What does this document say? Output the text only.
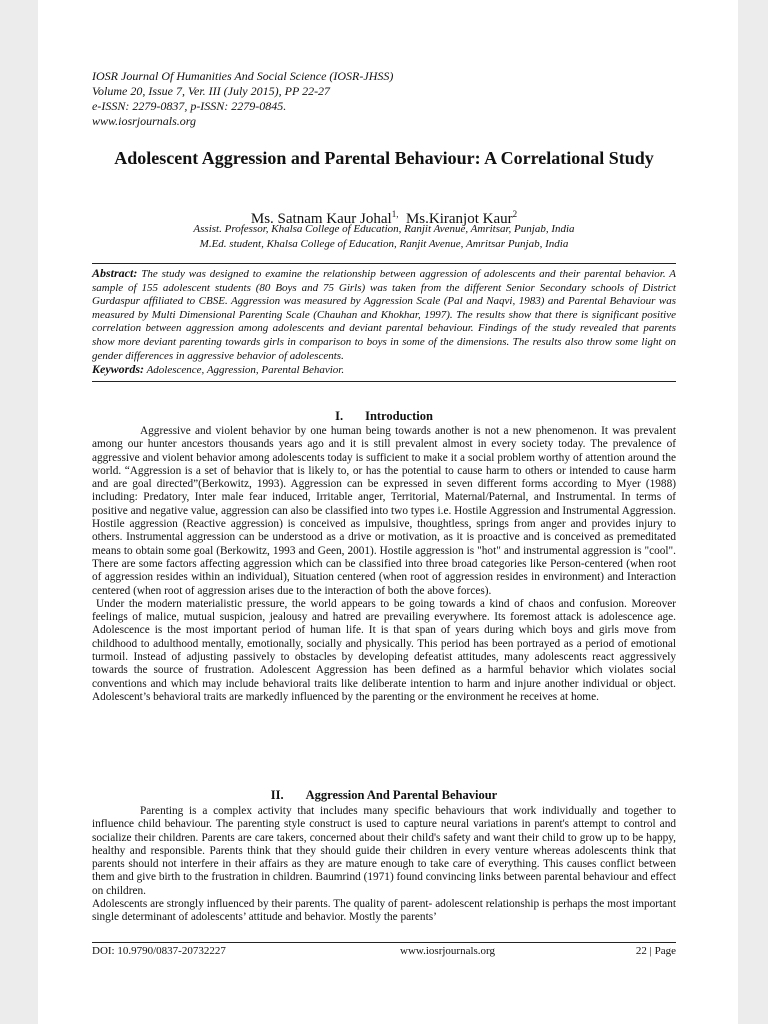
IOSR Journal Of Humanities And Social Science (IOSR-JHSS)
Volume 20, Issue 7, Ver. III (July 2015), PP 22-27
e-ISSN: 2279-0837, p-ISSN: 2279-0845.
www.iosrjournals.org
Adolescent Aggression and Parental Behaviour: A Correlational Study
Ms. Satnam Kaur Johal$^{1,}$ Ms.Kiranjot Kaur$^2$
Assist. Professor, Khalsa College of Education, Ranjit Avenue, Amritsar, Punjab, India
M.Ed. student, Khalsa College of Education, Ranjit Avenue, Amritsar Punjab, India

Abstract: The study was designed to examine the relationship between aggression of adolescents and their parental behavior. A sample of 155 adolescent students (80 Boys and 75 Girls) was taken from the different Senior Secondary schools of District Gurdaspur affiliated to CBSE. Aggression was measured by Aggression Scale (Pal and Naqvi, 1983) and Parental Behaviour was measured by Multi Dimensional Parenting Scale (Chauhan and Khokhar, 1997). The results show that there is significant positive correlation between aggression among adolescents and deviant parental behaviour. Findings of the study revealed that parents show more deviant parenting towards girls in comparison to boys in some of the dimensions. The results also throw some light on gender differences in aggressive behavior of adolescents.

Keywords: Adolescence, Aggression, Parental Behavior.

I. Introduction

Aggressive and violent behavior by one human being towards another is not a new phenomenon. It was prevalent among our hunter ancestors thousands years ago and it is still prevalent almost in every society today. The prevalence of aggressive and violent behavior among adolescents today is sufficient to make it a social problem worthy of attention around the world. “Aggression is a set of behavior that is likely to, or has the potential to cause harm to others or intended to cause harm and are goal directed”(Berkowitz, 1993). Aggression can be expressed in seven different forms according to Myer (1988) including: Predatory, Inter male fear induced, Irritable anger, Territorial, Maternal/Paternal, and Instrumental. In terms of positive and negative value, aggression can also be classified into two types i.e. Hostile Aggression and Instrumental Aggression. Hostile aggression (Reactive aggression) is conceived as impulsive, thoughtless, springs from anger and provides injury to others. Instrumental aggression can be understood as a drive or motivation, as it is proactive and is conceived as premeditated means to obtain some goal (Berkowitz, 1993 and Geen, 2001). Hostile aggression is "hot" and instrumental aggression is "cool". There are some factors affecting aggression which can be classified into three broad categories like Person-centered (when root of aggression resides within an individual), Situation centered (when root of aggression resides in environment) and Interaction centered (when root of aggression arises due to the interaction of both the above forces).

Under the modern materialistic pressure, the world appears to be going towards a kind of chaos and confusion. Moreover feelings of malice, mutual suspicion, jealousy and hatred are prevailing everywhere. Its foremost attack is adolescence age. Adolescence is the most important period of human life. It is that span of years during which boys and girls move from childhood to adulthood mentally, emotionally, socially and physically. This period has been portrayed as a period of emotional turmoil. Instead of adjusting passively to obstacles by developing defeatist attitudes, many adolescents react aggressively towards the source of frustration. Adolescent Aggression has been defined as a harmful behavior which violates social conventions and which may include behavioral traits like deliberate intention to harm and injure another individual or object. Adolescent’s behavioral traits are markedly influenced by the parenting or the environment he receives at home.

II. Aggression And Parental Behaviour

Parenting is a complex activity that includes many specific behaviours that work individually and together to influence child behaviour. The parenting style construct is used to capture neural variations in parent's attempt to control and socialize their children. Parents are care takers, concerned about their child's safety and want their child to grow up to be happy, healthy and responsible. Parents think that they should guide their children in every venture whereas adolescents think that parents should not interfere in their affairs as they are mature enough to take care of everything. This causes conflict between them and give birth to the frustration in children. Baumrind (1971) found convincing links between parental behaviour and effect on children.

Adolescents are strongly influenced by their parents. The quality of parent- adolescent relationship is perhaps the most important single determinant of adolescents’ attitude and behavior. Mostly the parents’

DOI: 10.9790/0837-20732227	www.iosrjournals.org	22 | Page
